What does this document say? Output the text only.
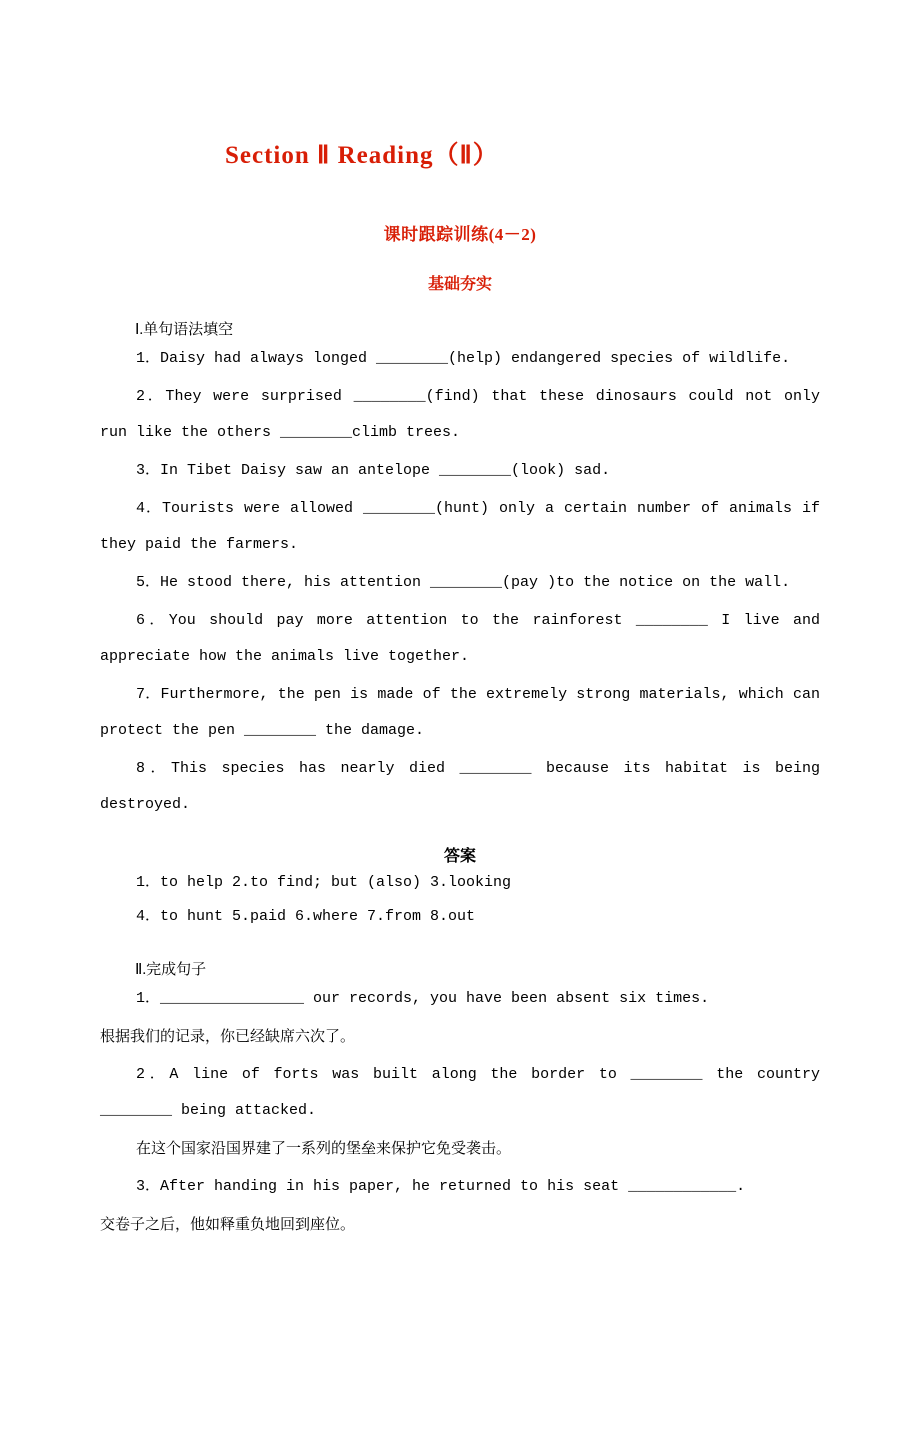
Section Ⅱ Reading（Ⅱ）
课时跟踪训练(4－2)
基础夯实
Ⅰ.单句语法填空
1．Daisy had always longed ________(help) endangered species of wildlife.
2．They were surprised ________(find) that these dinosaurs could not only run like the others ________climb trees.
3．In Tibet Daisy saw an antelope ________(look) sad.
4．Tourists were allowed ________(hunt) only a certain number of animals if they paid the farmers.
5．He stood there, his attention ________(pay )to the notice on the wall.
6．You should pay more attention to the rainforest ________ I live and appreciate how the animals live together.
7．Furthermore, the pen is made of the extremely strong materials, which can protect the pen ________ the damage.
8．This species has nearly died ________ because its habitat is being destroyed.
答案
1．to help 2.to find; but (also) 3.looking
4．to hunt 5.paid 6.where 7.from 8.out
Ⅱ.完成句子
1．________________ our records, you have been absent six times.
根据我们的记录，你已经缺席六次了。
2．A line of forts was built along the border to ________ the country ________ being attacked.
在这个国家沿国界建了一系列的堡垒来保护它免受袭击。
3．After handing in his paper, he returned to his seat ____________.
交卷子之后，他如释重负地回到座位。
